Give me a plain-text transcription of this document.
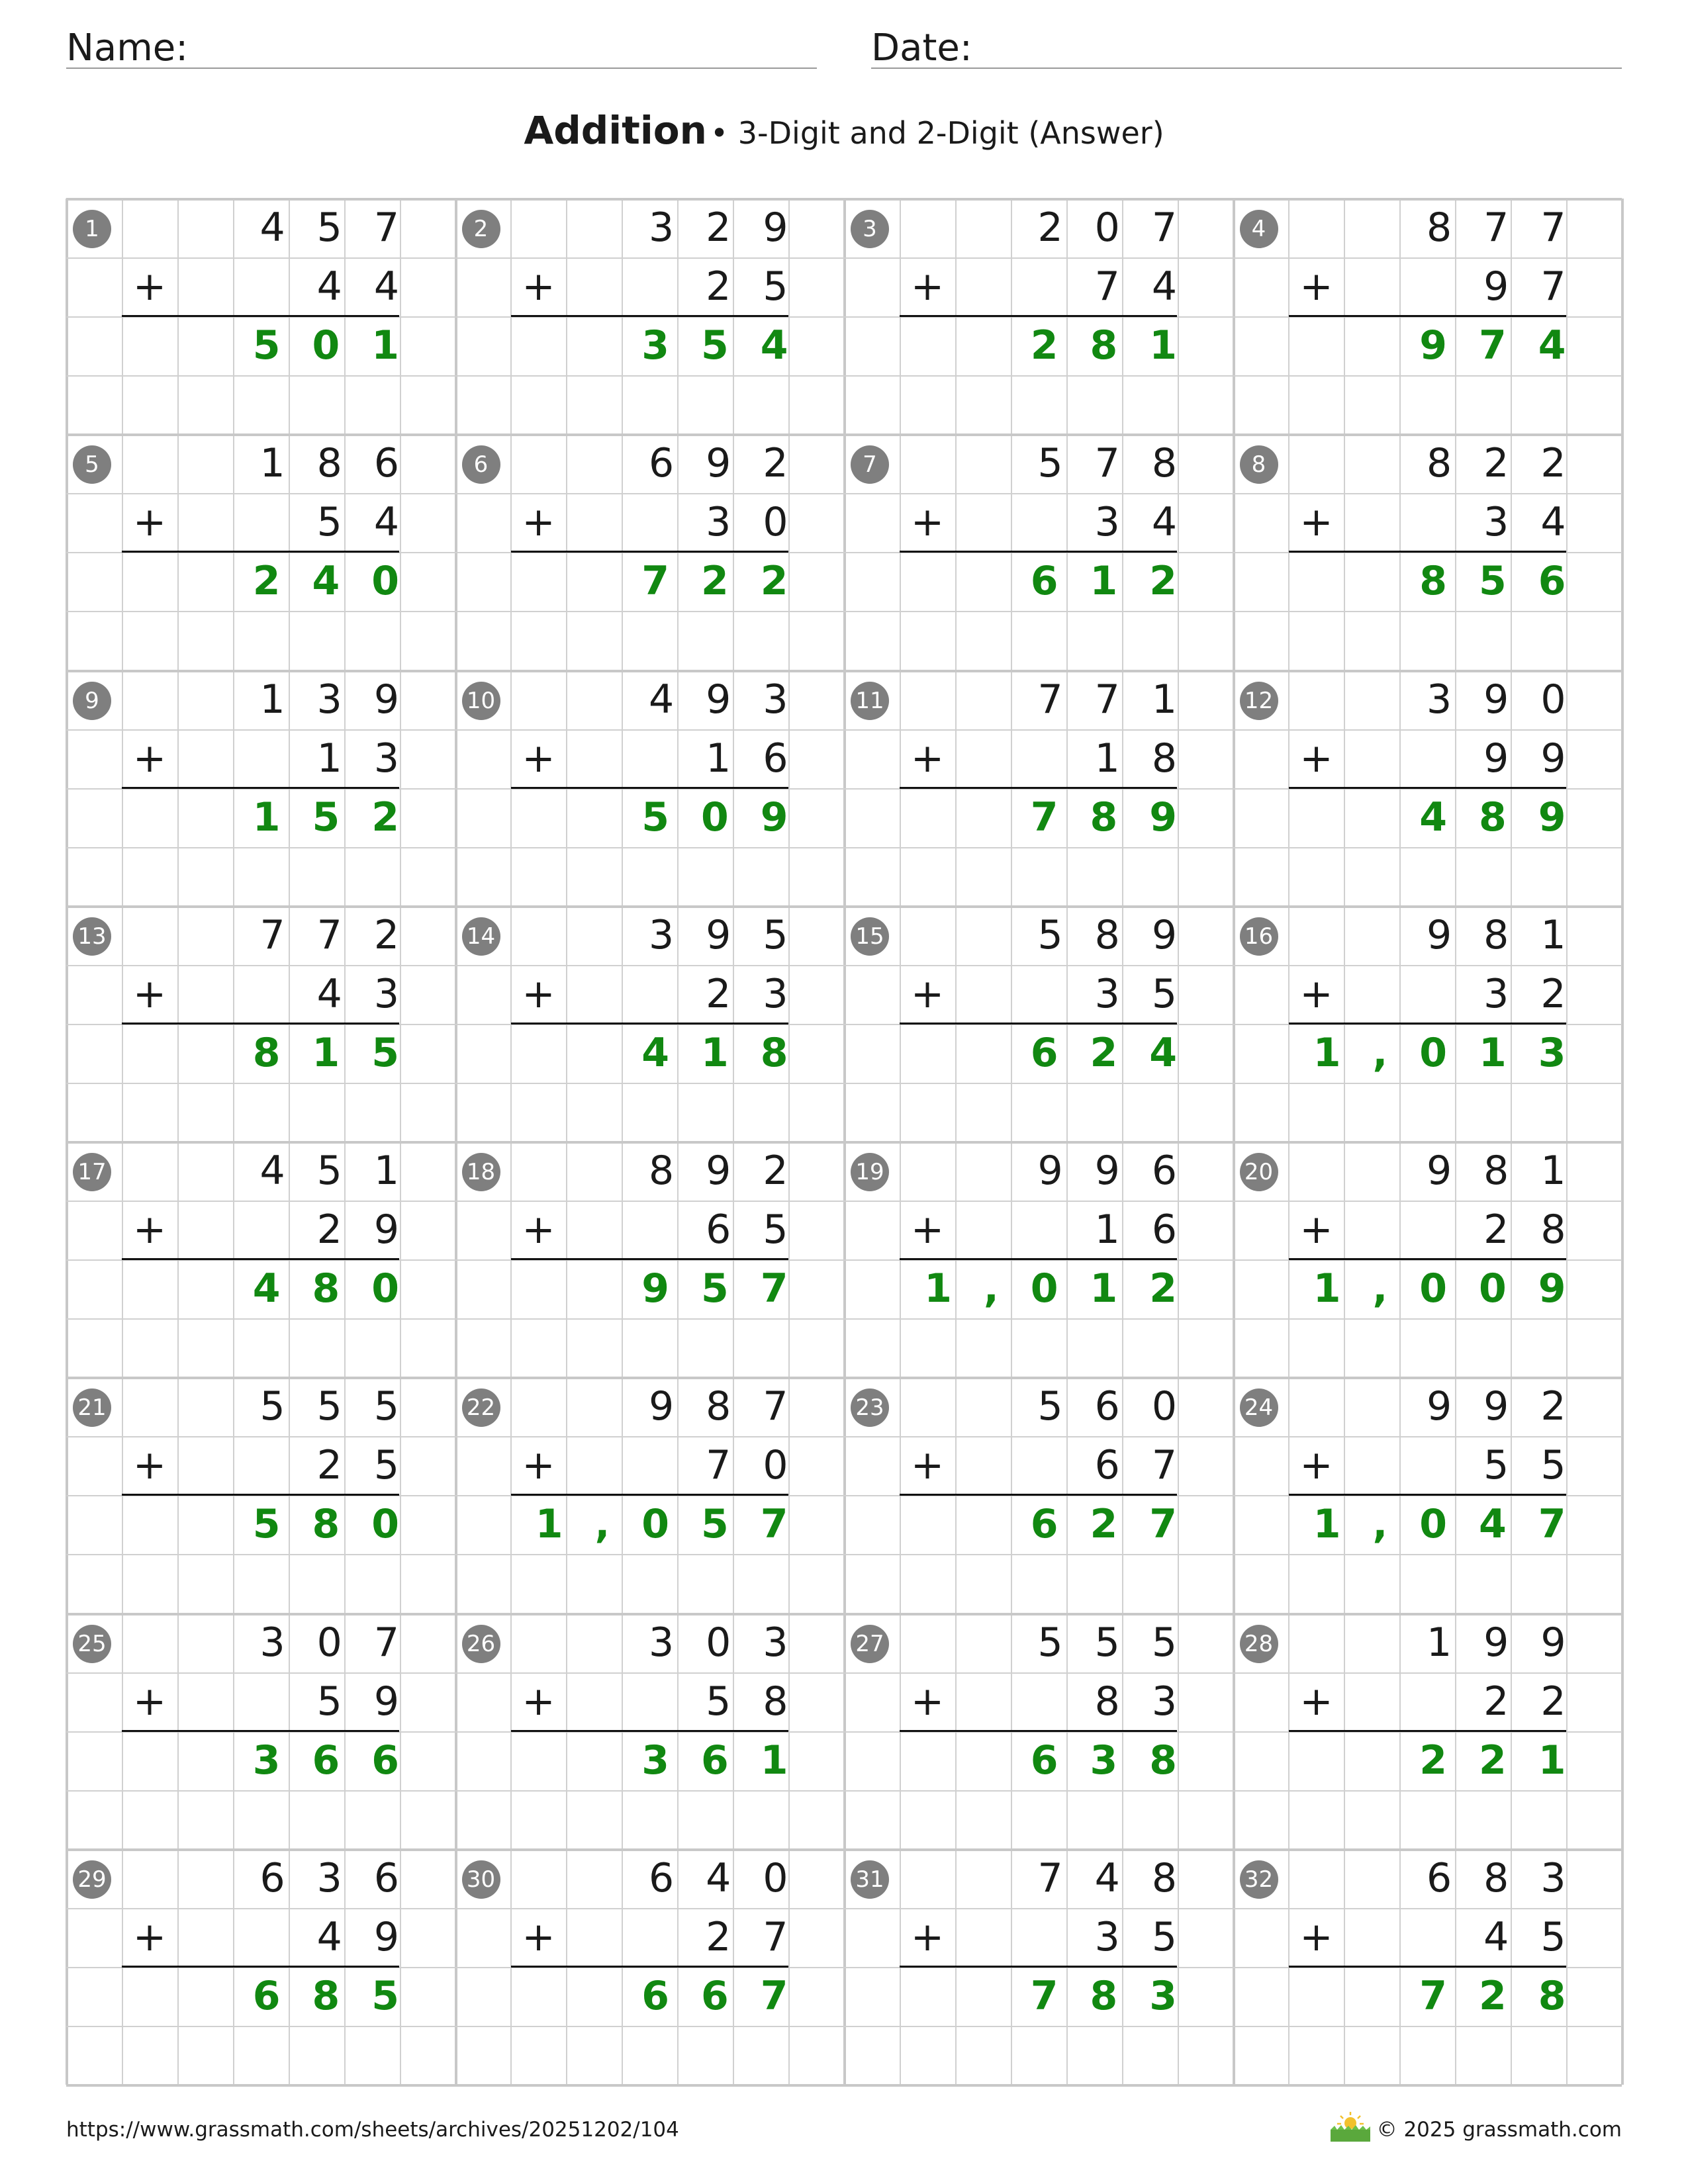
Name:	Date:
Addition • 3-Digit and 2-Digit (Answer)
1	457
+	44
501
2	329
+	25
354
3	207
+	74
281
4	877
+	97
974
5	186
+	54
240
6	692
+	30
722
7	578
+	34
612
8	822
+	34
856
9	139
+	13
152
10	493
+	16
509
11	771
+	18
789
12	390
+	99
489
13	772
+	43
815
14	395
+	23
418
15	589
+	35
624
16	981
+	32
1,013
17	451
+	29
480
18	892
+	65
957
19	996
+	16
1,012
20	981
+	28
1,009
21	555
+	25
580
22	987
+	70
1,057
23	560
+	67
627
24	992
+	55
1,047
25	307
+	59
366
26	303
+	58
361
27	555
+	83
638
28	199
+	22
221
29	636
+	49
685
30	640
+	27
667
31	748
+	35
783
32	683
+	45
728
https://www.grassmath.com/sheets/archives/20251202/104	© 2025 grassmath.com
